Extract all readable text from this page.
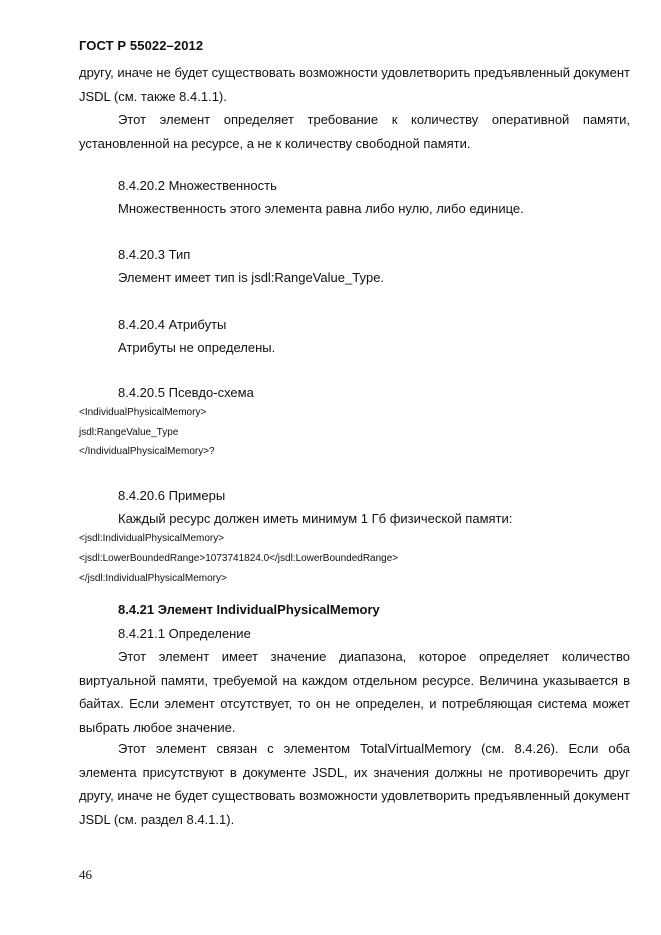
ГОСТ Р 55022–2012
другу, иначе не будет существовать возможности удовлетворить предъявленный документ JSDL (см. также 8.4.1.1).
Этот элемент определяет требование к количеству оперативной памяти, установленной на ресурсе, а не к количеству свободной памяти.
8.4.20.2 Множественность
Множественность этого элемента равна либо нулю, либо единице.
8.4.20.3 Тип
Элемент имеет тип is jsdl:RangeValue_Type.
8.4.20.4 Атрибуты
Атрибуты не определены.
8.4.20.5 Псевдо-схема
<IndividualPhysicalMemory>
jsdl:RangeValue_Type
</IndividualPhysicalMemory>?
8.4.20.6 Примеры
Каждый ресурс должен иметь минимум 1 Гб физической памяти:
<jsdl:IndividualPhysicalMemory>
<jsdl:LowerBoundedRange>1073741824.0</jsdl:LowerBoundedRange>
</jsdl:IndividualPhysicalMemory>
8.4.21 Элемент IndividualPhysicalMemory
8.4.21.1 Определение
Этот элемент имеет значение диапазона, которое определяет количество виртуальной памяти, требуемой на каждом отдельном ресурсе. Величина указывается в байтах. Если элемент отсутствует, то он не определен, и потребляющая система может выбрать любое значение.
Этот элемент связан с элементом TotalVirtualMemory (см. 8.4.26). Если оба элемента присутствуют в документе JSDL, их значения должны не противоречить друг другу, иначе не будет существовать возможности удовлетворить предъявленный документ JSDL (см. раздел 8.4.1.1).
46
